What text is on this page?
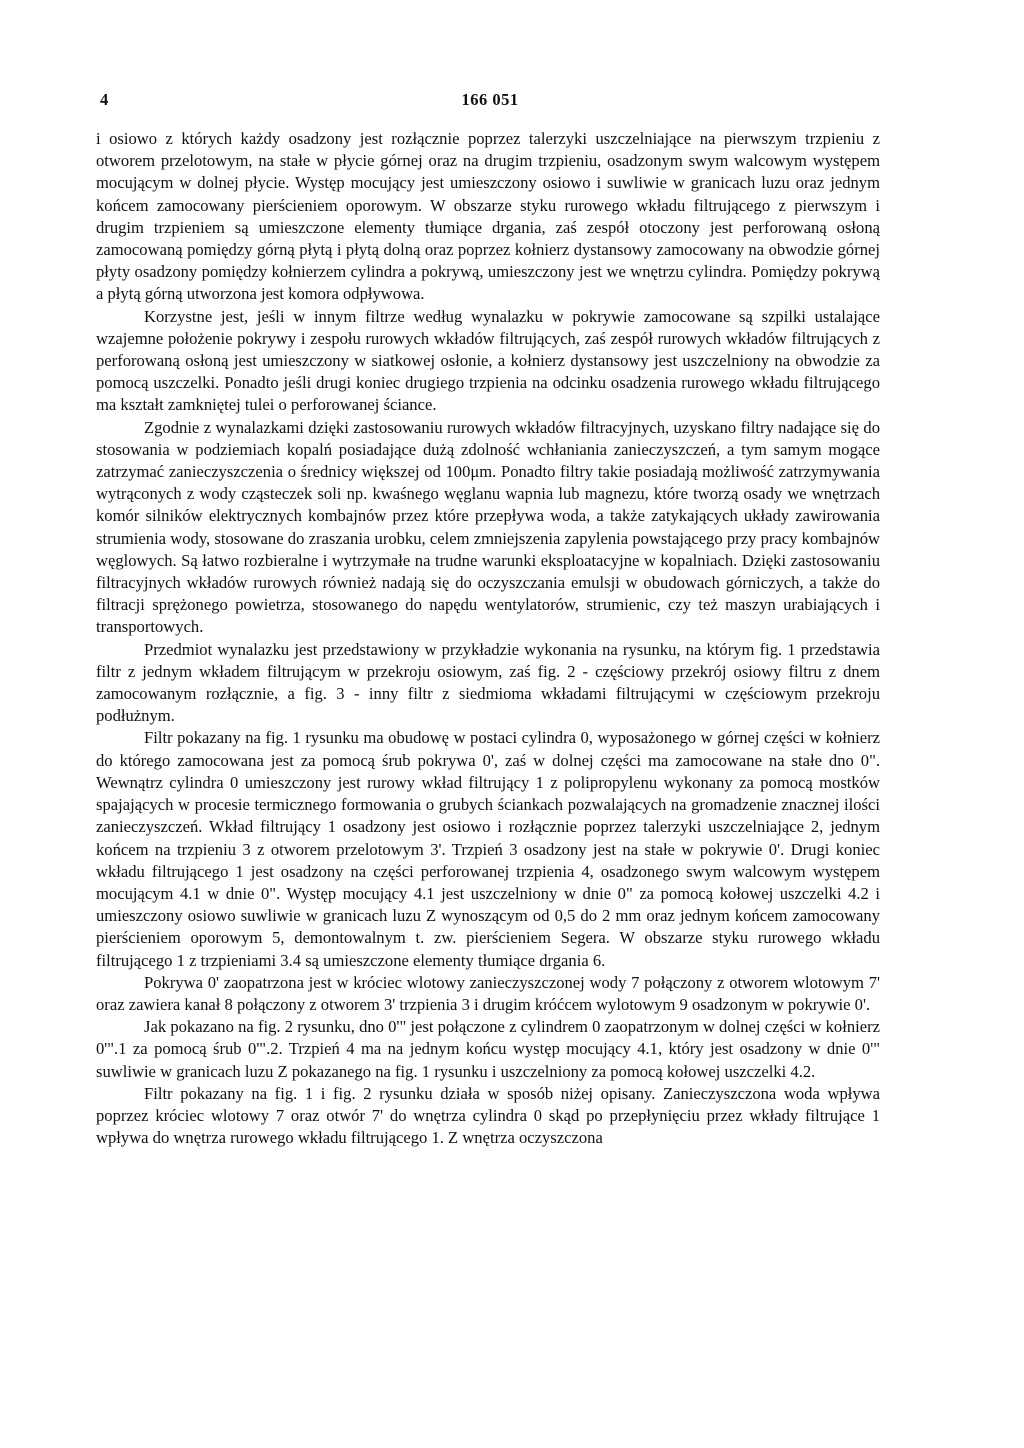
4	166 051

i osiowo z których każdy osadzony jest rozłącznie poprzez talerzyki uszczelniające na pierwszym trzpieniu z otworem przelotowym, na stałe w płycie górnej oraz na drugim trzpieniu, osadzonym swym walcowym występem mocującym w dolnej płycie. Występ mocujący jest umieszczony osiowo i suwliwie w granicach luzu oraz jednym końcem zamocowany pierścieniem oporowym. W obszarze styku rurowego wkładu filtrującego z pierwszym i drugim trzpieniem są umieszczone elementy tłumiące drgania, zaś zespół otoczony jest perforowaną osłoną zamocowaną pomiędzy górną płytą i płytą dolną oraz poprzez kołnierz dystansowy zamocowany na obwodzie górnej płyty osadzony pomiędzy kołnierzem cylindra a pokrywą, umieszczony jest we wnętrzu cylindra. Pomiędzy pokrywą a płytą górną utworzona jest komora odpływowa.

Korzystne jest, jeśli w innym filtrze według wynalazku w pokrywie zamocowane są szpilki ustalające wzajemne położenie pokrywy i zespołu rurowych wkładów filtrujących, zaś zespół rurowych wkładów filtrujących z perforowaną osłoną jest umieszczony w siatkowej osłonie, a kołnierz dystansowy jest uszczelniony na obwodzie za pomocą uszczelki. Ponadto jeśli drugi koniec drugiego trzpienia na odcinku osadzenia rurowego wkładu filtrującego ma kształt zamkniętej tulei o perforowanej ściance.

Zgodnie z wynalazkami dzięki zastosowaniu rurowych wkładów filtracyjnych, uzyskano filtry nadające się do stosowania w podziemiach kopalń posiadające dużą zdolność wchłaniania zanieczyszczeń, a tym samym mogące zatrzymać zanieczyszczenia o średnicy większej od 100μm. Ponadto filtry takie posiadają możliwość zatrzymywania wytrąconych z wody cząsteczek soli np. kwaśnego węglanu wapnia lub magnezu, które tworzą osady we wnętrzach komór silników elektrycznych kombajnów przez które przepływa woda, a także zatykających układy zawirowania strumienia wody, stosowane do zraszania urobku, celem zmniejszenia zapylenia powstającego przy pracy kombajnów węglowych. Są łatwo rozbieralne i wytrzymałe na trudne warunki eksploatacyjne w kopalniach. Dzięki zastosowaniu filtracyjnych wkładów rurowych również nadają się do oczyszczania emulsji w obudowach górniczych, a także do filtracji sprężonego powietrza, stosowanego do napędu wentylatorów, strumienic, czy też maszyn urabiających i transportowych.

Przedmiot wynalazku jest przedstawiony w przykładzie wykonania na rysunku, na którym fig. 1 przedstawia filtr z jednym wkładem filtrującym w przekroju osiowym, zaś fig. 2 - częściowy przekrój osiowy filtru z dnem zamocowanym rozłącznie, a fig. 3 - inny filtr z siedmioma wkładami filtrującymi w częściowym przekroju podłużnym.

Filtr pokazany na fig. 1 rysunku ma obudowę w postaci cylindra 0, wyposażonego w górnej części w kołnierz do którego zamocowana jest za pomocą śrub pokrywa 0', zaś w dolnej części ma zamocowane na stałe dno 0". Wewnątrz cylindra 0 umieszczony jest rurowy wkład filtrujący 1 z polipropylenu wykonany za pomocą mostków spajających w procesie termicznego formowania o grubych ściankach pozwalających na gromadzenie znacznej ilości zanieczyszczeń. Wkład filtrujący 1 osadzony jest osiowo i rozłącznie poprzez talerzyki uszczelniające 2, jednym końcem na trzpieniu 3 z otworem przelotowym 3'. Trzpień 3 osadzony jest na stałe w pokrywie 0'. Drugi koniec wkładu filtrującego 1 jest osadzony na części perforowanej trzpienia 4, osadzonego swym walcowym występem mocującym 4.1 w dnie 0". Występ mocujący 4.1 jest uszczelniony w dnie 0" za pomocą kołowej uszczelki 4.2 i umieszczony osiowo suwliwie w granicach luzu Z wynoszącym od 0,5 do 2 mm oraz jednym końcem zamocowany pierścieniem oporowym 5, demontowalnym t. zw. pierścieniem Segera. W obszarze styku rurowego wkładu filtrującego 1 z trzpieniami 3.4 są umieszczone elementy tłumiące drgania 6.

Pokrywa 0' zaopatrzona jest w króciec wlotowy zanieczyszczonej wody 7 połączony z otworem wlotowym 7' oraz zawiera kanał 8 połączony z otworem 3' trzpienia 3 i drugim króćcem wylotowym 9 osadzonym w pokrywie 0'.

Jak pokazano na fig. 2 rysunku, dno 0'" jest połączone z cylindrem 0 zaopatrzonym w dolnej części w kołnierz 0'".1 za pomocą śrub 0'".2. Trzpień 4 ma na jednym końcu występ mocujący 4.1, który jest osadzony w dnie 0'" suwliwie w granicach luzu Z pokazanego na fig. 1 rysunku i uszczelniony za pomocą kołowej uszczelki 4.2.

Filtr pokazany na fig. 1 i fig. 2 rysunku działa w sposób niżej opisany. Zanieczyszczona woda wpływa poprzez króciec wlotowy 7 oraz otwór 7' do wnętrza cylindra 0 skąd po przepłynięciu przez wkłady filtrujące 1 wpływa do wnętrza rurowego wkładu filtrującego 1. Z wnętrza oczyszczona
